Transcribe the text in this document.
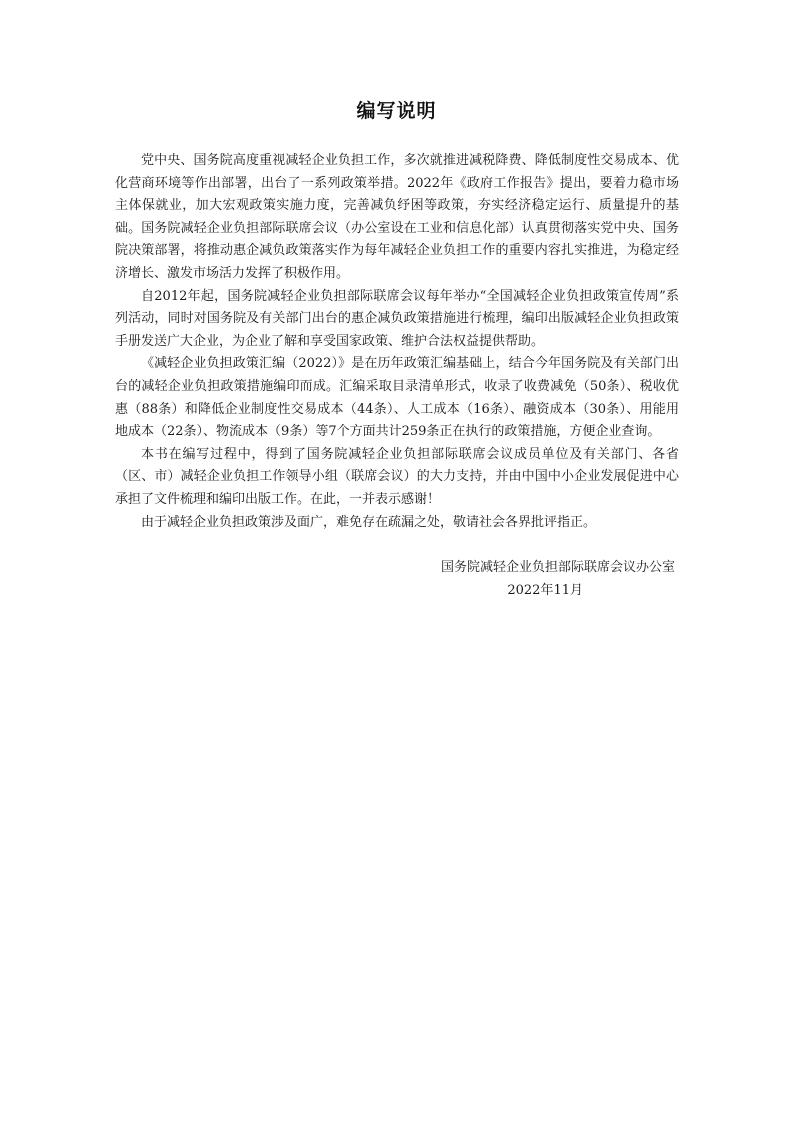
编写说明

党中央、国务院高度重视减轻企业负担工作，多次就推进减税降费、降低制度性交易成本、优化营商环境等作出部署，出台了一系列政策举措。2022年《政府工作报告》提出，要着力稳市场主体保就业，加大宏观政策实施力度，完善减负纾困等政策，夯实经济稳定运行、质量提升的基础。国务院减轻企业负担部际联席会议（办公室设在工业和信息化部）认真贯彻落实党中央、国务院决策部署，将推动惠企减负政策落实作为每年减轻企业负担工作的重要内容扎实推进，为稳定经济增长、激发市场活力发挥了积极作用。

自2012年起，国务院减轻企业负担部际联席会议每年举办“全国减轻企业负担政策宣传周”系列活动，同时对国务院及有关部门出台的惠企减负政策措施进行梳理，编印出版减轻企业负担政策手册发送广大企业，为企业了解和享受国家政策、维护合法权益提供帮助。

《减轻企业负担政策汇编（2022）》是在历年政策汇编基础上，结合今年国务院及有关部门出台的减轻企业负担政策措施编印而成。汇编采取目录清单形式，收录了收费减免（50条）、税收优惠（88条）和降低企业制度性交易成本（44条）、人工成本（16条）、融资成本（30条）、用能用地成本（22条）、物流成本（9条）等7个方面共计259条正在执行的政策措施，方便企业查询。

本书在编写过程中，得到了国务院减轻企业负担部际联席会议成员单位及有关部门、各省（区、市）减轻企业负担工作领导小组（联席会议）的大力支持，并由中国中小企业发展促进中心承担了文件梳理和编印出版工作。在此，一并表示感谢！

由于减轻企业负担政策涉及面广，难免存在疏漏之处，敬请社会各界批评指正。

国务院减轻企业负担部际联席会议办公室
2022年11月
